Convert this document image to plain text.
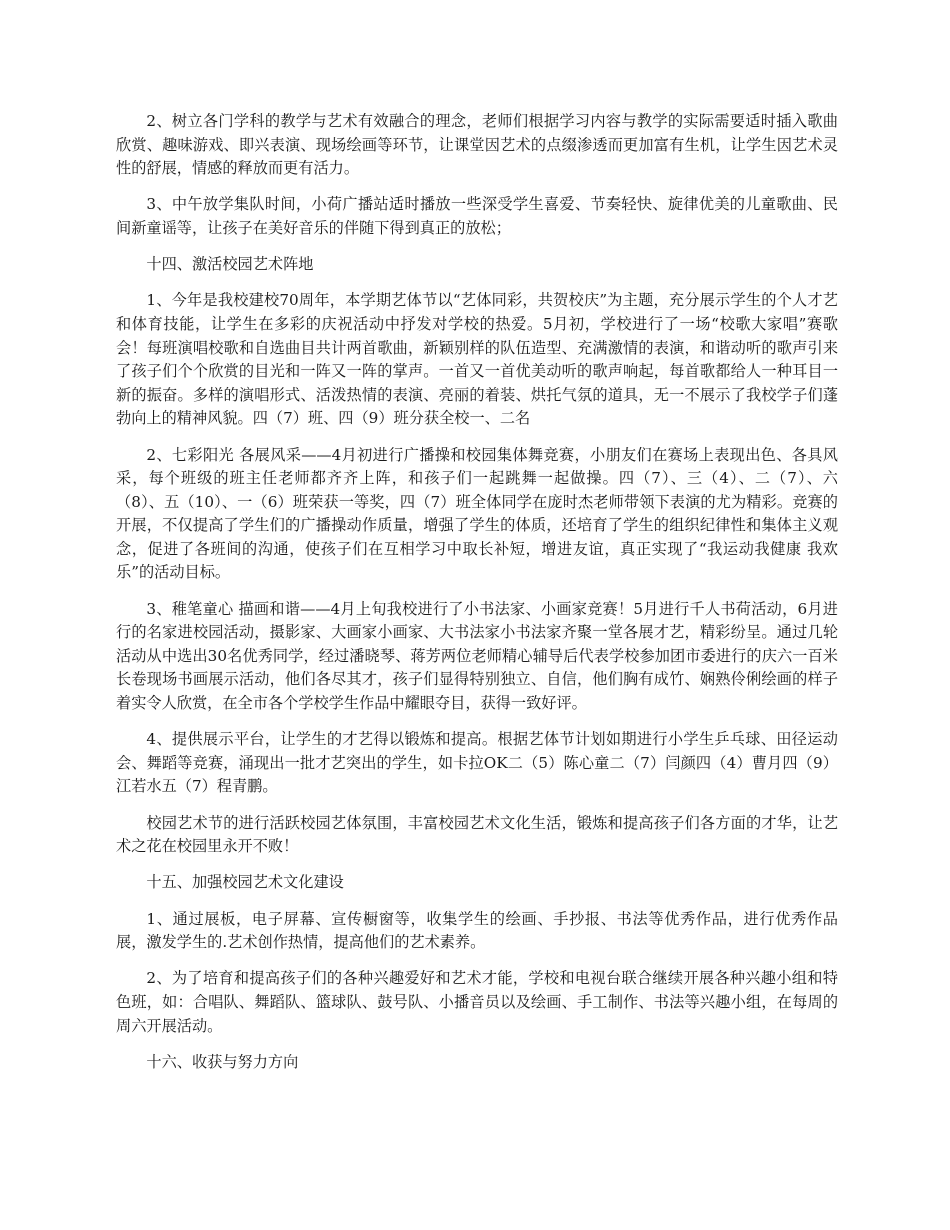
2、树立各门学科的教学与艺术有效融合的理念，老师们根据学习内容与教学的实际需要适时插入歌曲欣赏、趣味游戏、即兴表演、现场绘画等环节，让课堂因艺术的点缀渗透而更加富有生机，让学生因艺术灵性的舒展，情感的释放而更有活力。

3、中午放学集队时间，小荷广播站适时播放一些深受学生喜爱、节奏轻快、旋律优美的儿童歌曲、民间新童谣等，让孩子在美好音乐的伴随下得到真正的放松；

十四、激活校园艺术阵地

1、今年是我校建校70周年，本学期艺体节以“艺体同彩，共贺校庆”为主题，充分展示学生的个人才艺和体育技能，让学生在多彩的庆祝活动中抒发对学校的热爱。5月初，学校进行了一场“校歌大家唱”赛歌会！每班演唱校歌和自选曲目共计两首歌曲，新颖别样的队伍造型、充满激情的表演，和谐动听的歌声引来了孩子们个个欣赏的目光和一阵又一阵的掌声。一首又一首优美动听的歌声响起，每首歌都给人一种耳目一新的振奋。多样的演唱形式、活泼热情的表演、亮丽的着装、烘托气氛的道具，无一不展示了我校学子们蓬勃向上的精神风貌。四（7）班、四（9）班分获全校一、二名

2、七彩阳光 各展风采——4月初进行广播操和校园集体舞竞赛，小朋友们在赛场上表现出色、各具风采，每个班级的班主任老师都齐齐上阵，和孩子们一起跳舞一起做操。四（7）、三（4）、二（7）、六（8）、五（10）、一（6）班荣获一等奖，四（7）班全体同学在庞时杰老师带领下表演的尤为精彩。竞赛的开展，不仅提高了学生们的广播操动作质量，增强了学生的体质，还培育了学生的组织纪律性和集体主义观念，促进了各班间的沟通，使孩子们在互相学习中取长补短，增进友谊，真正实现了“我运动我健康 我欢乐”的活动目标。

3、稚笔童心 描画和谐——4月上旬我校进行了小书法家、小画家竞赛！5月进行千人书荷活动，6月进行的名家进校园活动，摄影家、大画家小画家、大书法家小书法家齐聚一堂各展才艺，精彩纷呈。通过几轮活动从中选出30名优秀同学，经过潘晓琴、蒋芳两位老师精心辅导后代表学校参加团市委进行的庆六一百米长卷现场书画展示活动，他们各尽其才，孩子们显得特别独立、自信，他们胸有成竹、娴熟伶俐绘画的样子着实令人欣赏，在全市各个学校学生作品中耀眼夺目，获得一致好评。

4、提供展示平台，让学生的才艺得以锻炼和提高。根据艺体节计划如期进行小学生乒乓球、田径运动会、舞蹈等竞赛，涌现出一批才艺突出的学生，如卡拉OK二（5）陈心童二（7）闫颜四（4）曹月四（9）江若水五（7）程青鹏。

校园艺术节的进行活跃校园艺体氛围，丰富校园艺术文化生活，锻炼和提高孩子们各方面的才华，让艺术之花在校园里永开不败！

十五、加强校园艺术文化建设

1、通过展板，电子屏幕、宣传橱窗等，收集学生的绘画、手抄报、书法等优秀作品，进行优秀作品展，激发学生的.艺术创作热情，提高他们的艺术素养。

2、为了培育和提高孩子们的各种兴趣爱好和艺术才能，学校和电视台联合继续开展各种兴趣小组和特色班，如：合唱队、舞蹈队、篮球队、鼓号队、小播音员以及绘画、手工制作、书法等兴趣小组，在每周的周六开展活动。

十六、收获与努力方向
